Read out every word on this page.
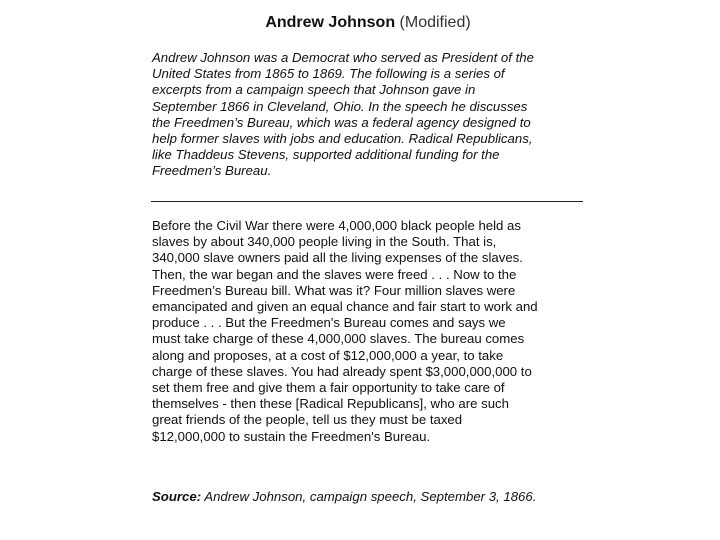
Andrew Johnson (Modified)

Andrew Johnson was a Democrat who served as President of the
United States from 1865 to 1869. The following is a series of
excerpts from a campaign speech that Johnson gave in
September 1866 in Cleveland, Ohio. In the speech he discusses
the Freedmen’s Bureau, which was a federal agency designed to
help former slaves with jobs and education. Radical Republicans,
like Thaddeus Stevens, supported additional funding for the
Freedmen’s Bureau.

Before the Civil War there were 4,000,000 black people held as
slaves by about 340,000 people living in the South. That is,
340,000 slave owners paid all the living expenses of the slaves.
Then, the war began and the slaves were freed . . . Now to the
Freedmen’s Bureau bill. What was it? Four million slaves were
emancipated and given an equal chance and fair start to work and
produce . . . But the Freedmen's Bureau comes and says we
must take charge of these 4,000,000 slaves. The bureau comes
along and proposes, at a cost of $12,000,000 a year, to take
charge of these slaves. You had already spent $3,000,000,000 to
set them free and give them a fair opportunity to take care of
themselves - then these [Radical Republicans], who are such
great friends of the people, tell us they must be taxed
$12,000,000 to sustain the Freedmen's Bureau.

Source: Andrew Johnson, campaign speech, September 3, 1866.
